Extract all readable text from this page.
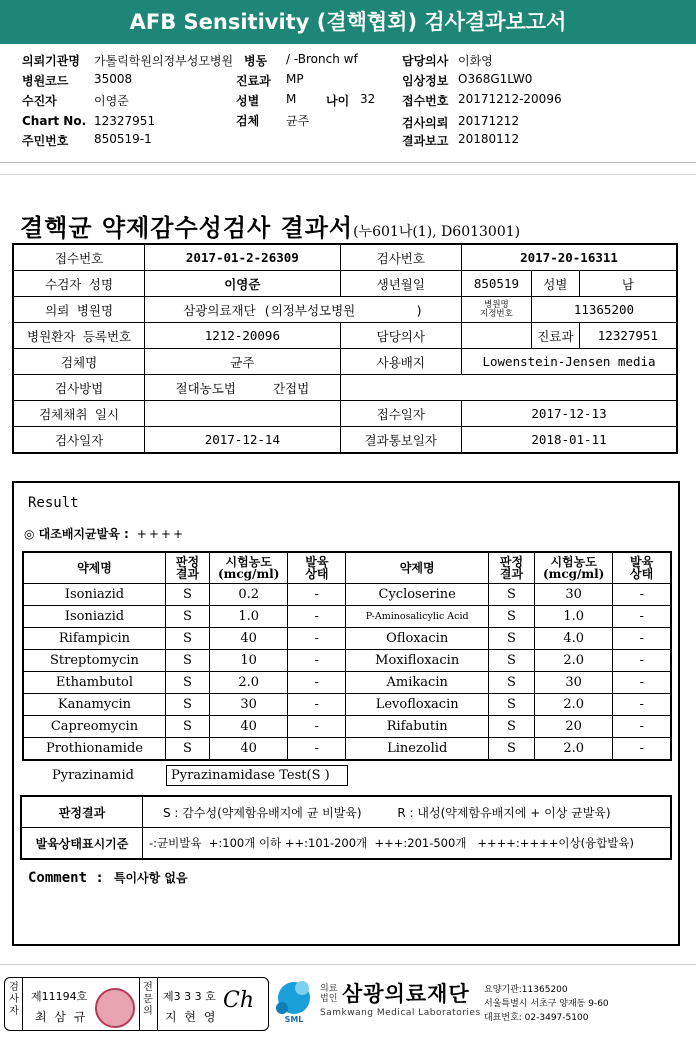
AFB Sensitivity (결핵협회) 검사결과보고서
의뢰기관명 가톨릭학원의정부성모병원 병동 / -Bronch wf	담당의사 이화영
병원코드 35008	진료과 MP	임상정보 O368G1LW0
수진자	이영준	성별 M 나이 32 접수번호 20171212-20096
Chart No. 12327951	검체 균주	검사의뢰 20171212
주민번호 850519-1	결과보고 20180112
결핵균 약제감수성검사 결과서(누601나(1), D6013001)
접수번호	2017-01-2-26309	검사번호	2017-20-16311		
수검자 성명	이영준	생년월일	850519	성별	남
의뢰 병원명	삼광의료재단 (의정부성모병원        )		병원명
지정번호	11365200	
병원환자 등록번호	1212-20096	담당의사		진료과	12327951
검체명	균주	사용배지	Lowenstein-Jensen media		
검사방법	절대농도법 간접법				
검체채취 일시		접수일자	2017-12-13		
검사일자	2017-12-14	결과통보일자	2018-01-11		
Result
◎ 대조배지균발육 : ++++
약제명	판정
결과	시험농도
(mcg/ml)	발육
상태	약제명	판정
결과	시험농도
(mcg/ml)	발육
상태
Isoniazid	S	0.2	-	Cycloserine	S	30	-
Isoniazid	S	1.0	-	P-Aminosalicylic Acid	S	1.0	-
Rifampicin	S	40	-	Ofloxacin	S	4.0	-
Streptomycin	S	10	-	Moxifloxacin	S	2.0	-
Ethambutol	S	2.0	-	Amikacin	S	30	-
Kanamycin	S	30	-	Levofloxacin	S	2.0	-
Capreomycin	S	40	-	Rifabutin	S	20	-
Prothionamide	S	40	-	Linezolid	S	2.0	-
Pyrazinamid	Pyrazinamidase Test(S )
판정결과	S : 감수성(약제함유배지에 균 비발육) R : 내성(약제함유배지에 + 이상 균발육)
발육상태표시기준	-:균비발육  +:100개 이하 ++:101-200개  +++:201-500개   ++++:++++이상(융합발육)
Comment : 특이사항 없음
검
사
자
제11194호
최 삼 규
전
문
의
제3 3 3 호
지 현 영
Ch
SML
의료
법인 삼광의료재단
Samkwang Medical Laboratories
요양기관:11365200
서울특별시 서초구 양재동 9-60
대표번호: 02-3497-5100
